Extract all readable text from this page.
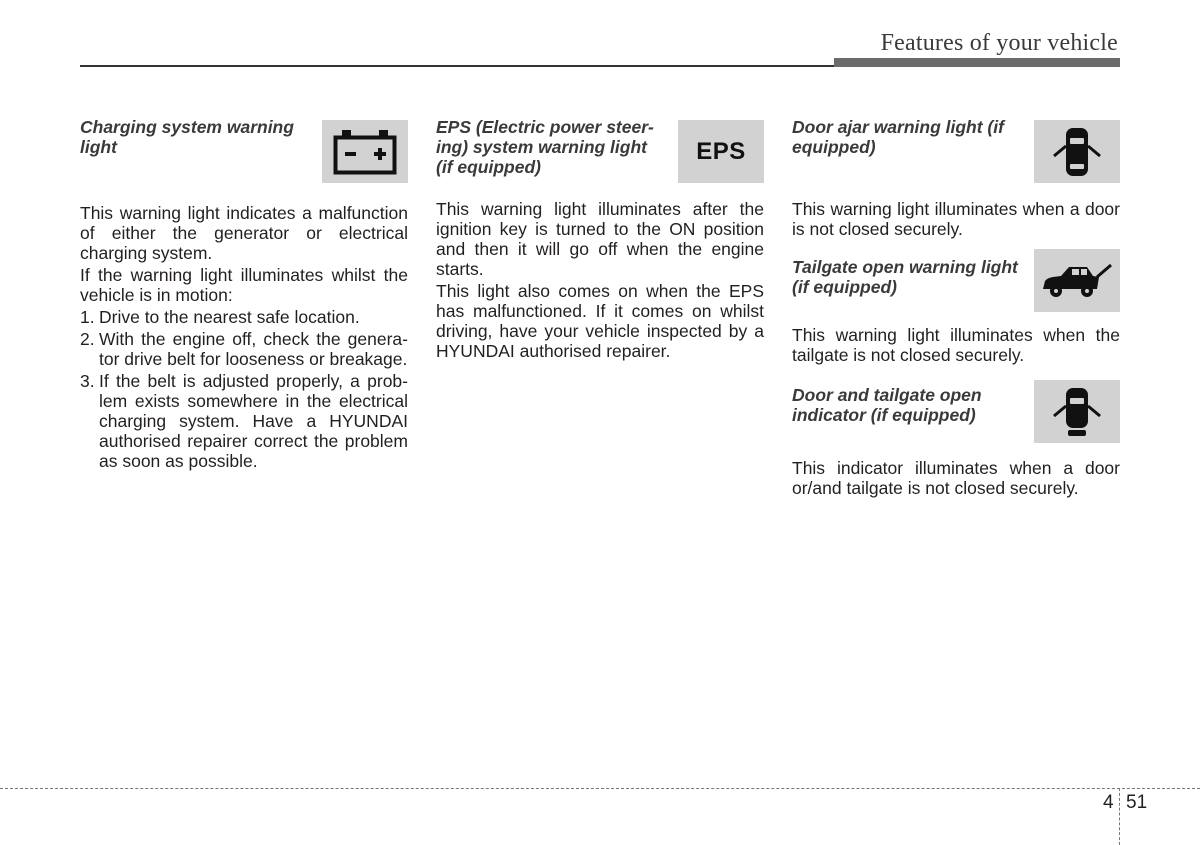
Features of your vehicle

Charging system warning light

This warning light indicates a malfunction of either the generator or electrical charging system.

If the warning light illuminates whilst the vehicle is in motion:

1. Drive to the nearest safe location.
2. With the engine off, check the generator drive belt for looseness or breakage.
3. If the belt is adjusted properly, a problem exists somewhere in the electrical charging system. Have a HYUNDAI authorised repairer correct the problem as soon as possible.

EPS (Electric power steering) system warning light (if equipped)

EPS

This warning light illuminates after the ignition key is turned to the ON position and then it will go off when the engine starts.

This light also comes on when the EPS has malfunctioned. If it comes on whilst driving, have your vehicle inspected by a HYUNDAI authorised repairer.

Door ajar warning light (if equipped)

This warning light illuminates when a door is not closed securely.

Tailgate open warning light (if equipped)

This warning light illuminates when the tailgate is not closed securely.

Door and tailgate open indicator (if equipped)

This indicator illuminates when a door or/and tailgate is not closed securely.

4 51
